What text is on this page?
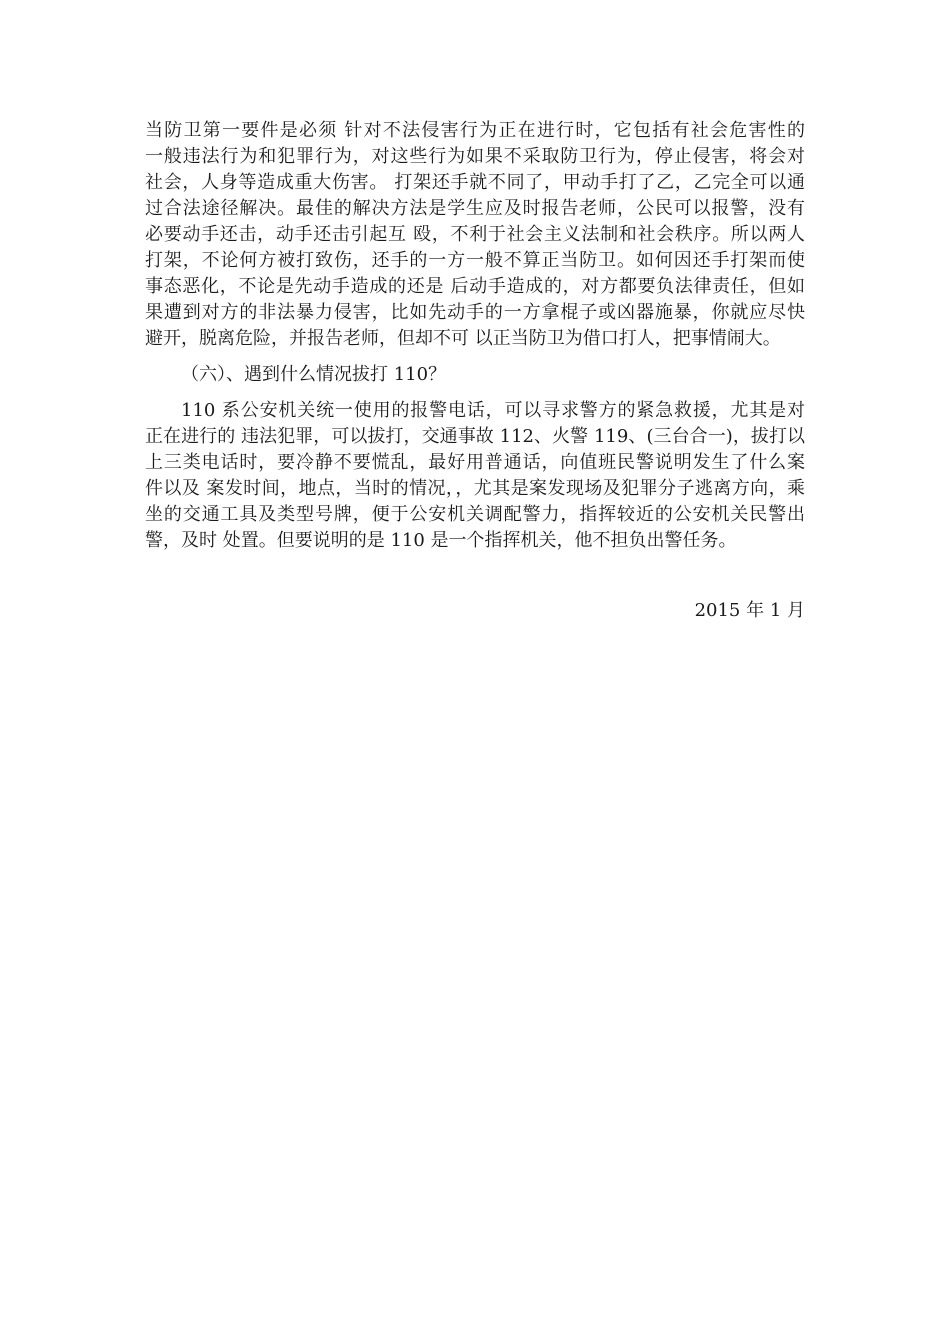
当防卫第一要件是必须 针对不法侵害行为正在进行时，它包括有社会危害性的
一般违法行为和犯罪行为，对这些行为如果不采取防卫行为，停止侵害，将会对
社会，人身等造成重大伤害。 打架还手就不同了，甲动手打了乙，乙完全可以通
过合法途径解决。最佳的解决方法是学生应及时报告老师，公民可以报警，没有
必要动手还击，动手还击引起互 殴，不利于社会主义法制和社会秩序。所以两人
打架，不论何方被打致伤，还手的一方一般不算正当防卫。如何因还手打架而使
事态恶化，不论是先动手造成的还是 后动手造成的，对方都要负法律责任，但如
果遭到对方的非法暴力侵害，比如先动手的一方拿棍子或凶器施暴，你就应尽快
避开，脱离危险，并报告老师，但却不可 以正当防卫为借口打人，把事情闹大。
（六）、遇到什么情况拔打 110？
110 系公安机关统一使用的报警电话，可以寻求警方的紧急救援，尤其是对
正在进行的 违法犯罪，可以拔打，交通事故 112、火警 119、(三台合一)，拔打以
上三类电话时，要冷静不要慌乱，最好用普通话，向值班民警说明发生了什么案
件以及 案发时间，地点，当时的情况，，尤其是案发现场及犯罪分子逃离方向，乘
坐的交通工具及类型号牌，便于公安机关调配警力，指挥较近的公安机关民警出
警，及时 处置。但要说明的是 110 是一个指挥机关，他不担负出警任务。
2015 年 1 月
